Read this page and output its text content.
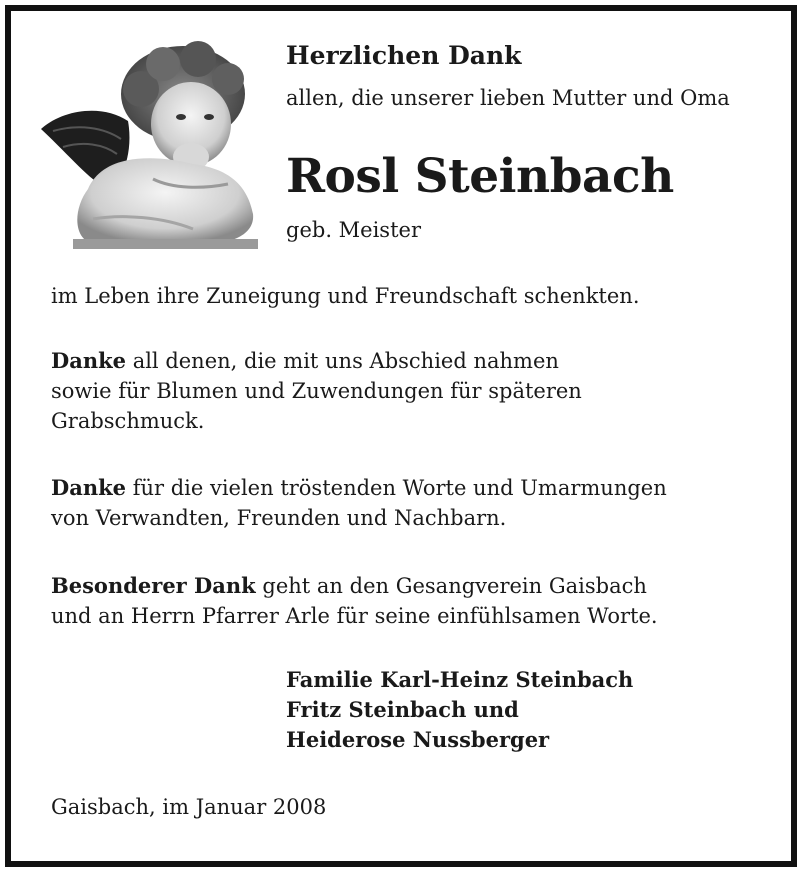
Herzlichen Dank

allen, die unserer lieben Mutter und Oma

Rosl Steinbach

geb. Meister

im Leben ihre Zuneigung und Freundschaft schenkten.

Danke all denen, die mit uns Abschied nahmen
sowie für Blumen und Zuwendungen für späteren
Grabschmuck.
Danke für die vielen tröstenden Worte und Umarmungen
von Verwandten, Freunden und Nachbarn.
Besonderer Dank geht an den Gesangverein Gaisbach
und an Herrn Pfarrer Arle für seine einfühlsamen Worte.
Familie Karl-Heinz Steinbach
Fritz Steinbach und
Heiderose Nussberger

Gaisbach, im Januar 2008
